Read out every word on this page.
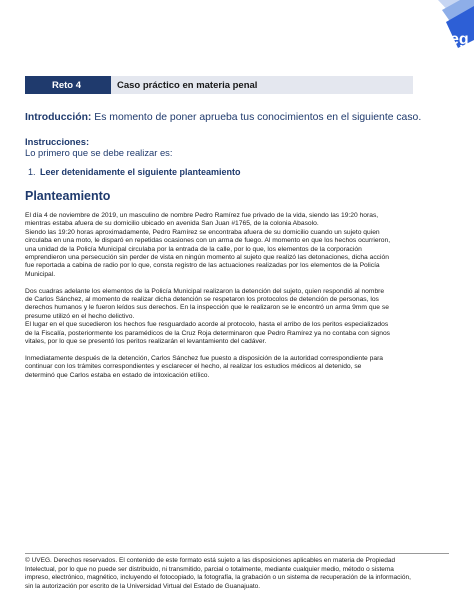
eg
Reto 4	Caso práctico en materia penal
Introducción: Es momento de poner apruebа tus conocimientos en el siguiente caso.
Instrucciones:
Lo primero que se debe realizar es:
1. Leer detenidamente el siguiente planteamiento
Planteamiento
El día 4 de noviembre de 2019, un masculino de nombre Pedro Ramírez fue privado de la vida, siendo las 19:20 horas,
mientras estaba afuera de su domicilio ubicado en avenida San Juan #1765, de la colonia Abasolo.
Siendo las 19:20 horas aproximadamente, Pedro Ramírez se encontraba afuera de su domicilio cuando un sujeto quien
circulaba en una moto, le disparó en repetidas ocasiones con un arma de fuego. Al momento en que los hechos ocurrieron,
una unidad de la Policía Municipal circulaba por la entrada de la calle, por lo que, los elementos de la corporación
emprendieron una persecución sin perder de vista en ningún momento al sujeto que realizó las detonaciones, dicha acción
fue reportada a cabina de radio por lo que, consta registro de las actuaciones realizadas por los elementos de la Policía
Municipal.
Dos cuadras adelante los elementos de la Policía Municipal realizaron la detención del sujeto, quien respondió al nombre
de Carlos Sánchez, al momento de realizar dicha detención se respetaron los protocolos de detención de personas, los
derechos humanos y le fueron leídos sus derechos. En la inspección que le realizaron se le encontró un arma 9mm que se
presume utilizó en el hecho delictivo.
El lugar en el que sucedieron los hechos fue resguardado acorde al protocolo, hasta el arribo de los peritos especializados
de la Fiscalía, posteriormente los paramédicos de la Cruz Roja determinaron que Pedro Ramírez ya no contaba con signos
vitales, por lo que se presentó los peritos realizarán el levantamiento del cadáver.
Inmediatamente después de la detención, Carlos Sánchez fue puesto a disposición de la autoridad correspondiente para
continuar con los trámites correspondientes y esclarecer el hecho, al realizar los estudios médicos al detenido, se
determinó que Carlos estaba en estado de intoxicación etílico.
© UVEG. Derechos reservados. El contenido de este formato está sujeto a las disposiciones aplicables en materia de Propiedad
Intelectual, por lo que no puede ser distribuido, ni transmitido, parcial o totalmente, mediante cualquier medio, método o sistema
impreso, electrónico, magnético, incluyendo el fotocopiado, la fotografía, la grabación o un sistema de recuperación de la información,
sin la autorización por escrito de la Universidad Virtual del Estado de Guanajuato.
